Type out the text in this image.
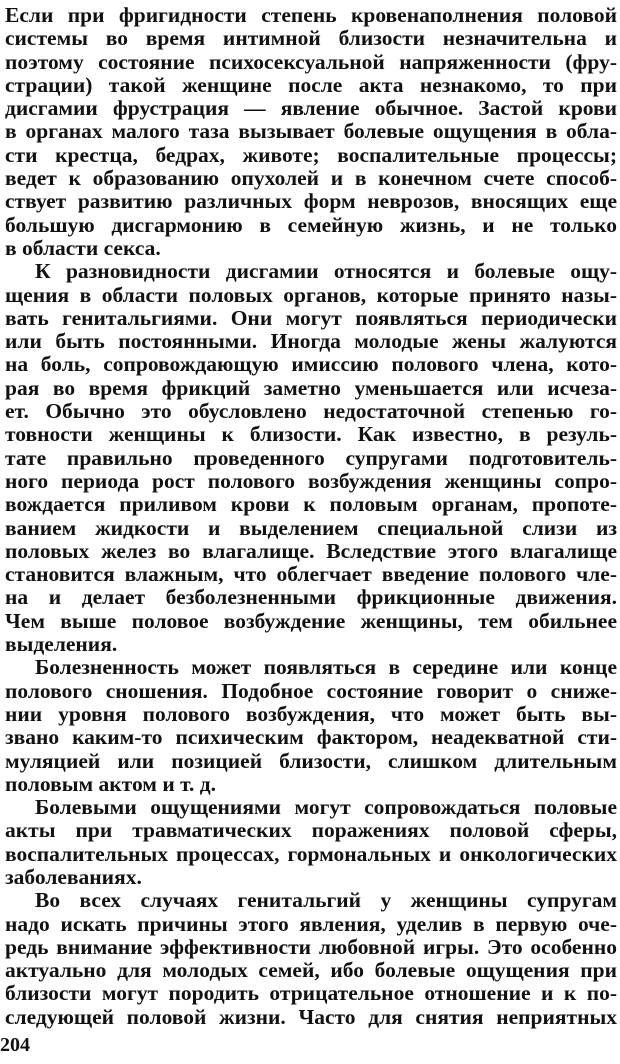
Если при фригидности степень кровенаполнения половой
системы во время интимной близости незначительна и
поэтому состояние психосексуальной напряженности (фру-
страции) такой женщине после акта незнакомо, то при
дисгамии фрустрация — явление обычное. Застой крови
в органах малого таза вызывает болевые ощущения в обла-
сти крестца, бедрах, животе; воспалительные процессы;
ведет к образованию опухолей и в конечном счете способ-
ствует развитию различных форм неврозов, вносящих еще
большую дисгармонию в семейную жизнь, и не только
в области секса.
К разновидности дисгамии относятся и болевые ощу-
щения в области половых органов, которые принято назы-
вать генитальгиями. Они могут появляться периодически
или быть постоянными. Иногда молодые жены жалуются
на боль, сопровождающую имиссию полового члена, кото-
рая во время фрикций заметно уменьшается или исчеза-
ет. Обычно это обусловлено недостаточной степенью го-
товности женщины к близости. Как известно, в резуль-
тате правильно проведенного супругами подготовитель-
ного периода рост полового возбуждения женщины сопро-
вождается приливом крови к половым органам, пропоте-
ванием жидкости и выделением специальной слизи из
половых желез во влагалище. Вследствие этого влагалище
становится влажным, что облегчает введение полового чле-
на и делает безболезненными фрикционные движения.
Чем выше половое возбуждение женщины, тем обильнее
выделения.
Болезненность может появляться в середине или конце
полового сношения. Подобное состояние говорит о сниже-
нии уровня полового возбуждения, что может быть вы-
звано каким-то психическим фактором, неадекватной сти-
муляцией или позицией близости, слишком длительным
половым актом и т. д.
Болевыми ощущениями могут сопровождаться половые
акты при травматических поражениях половой сферы,
воспалительных процессах, гормональных и онкологических
заболеваниях.
Во всех случаях генитальгий у женщины супругам
надо искать причины этого явления, уделив в первую оче-
редь внимание эффективности любовной игры. Это особенно
актуально для молодых семей, ибо болевые ощущения при
близости могут породить отрицательное отношение и к по-
следующей половой жизни. Часто для снятия неприятных
204
